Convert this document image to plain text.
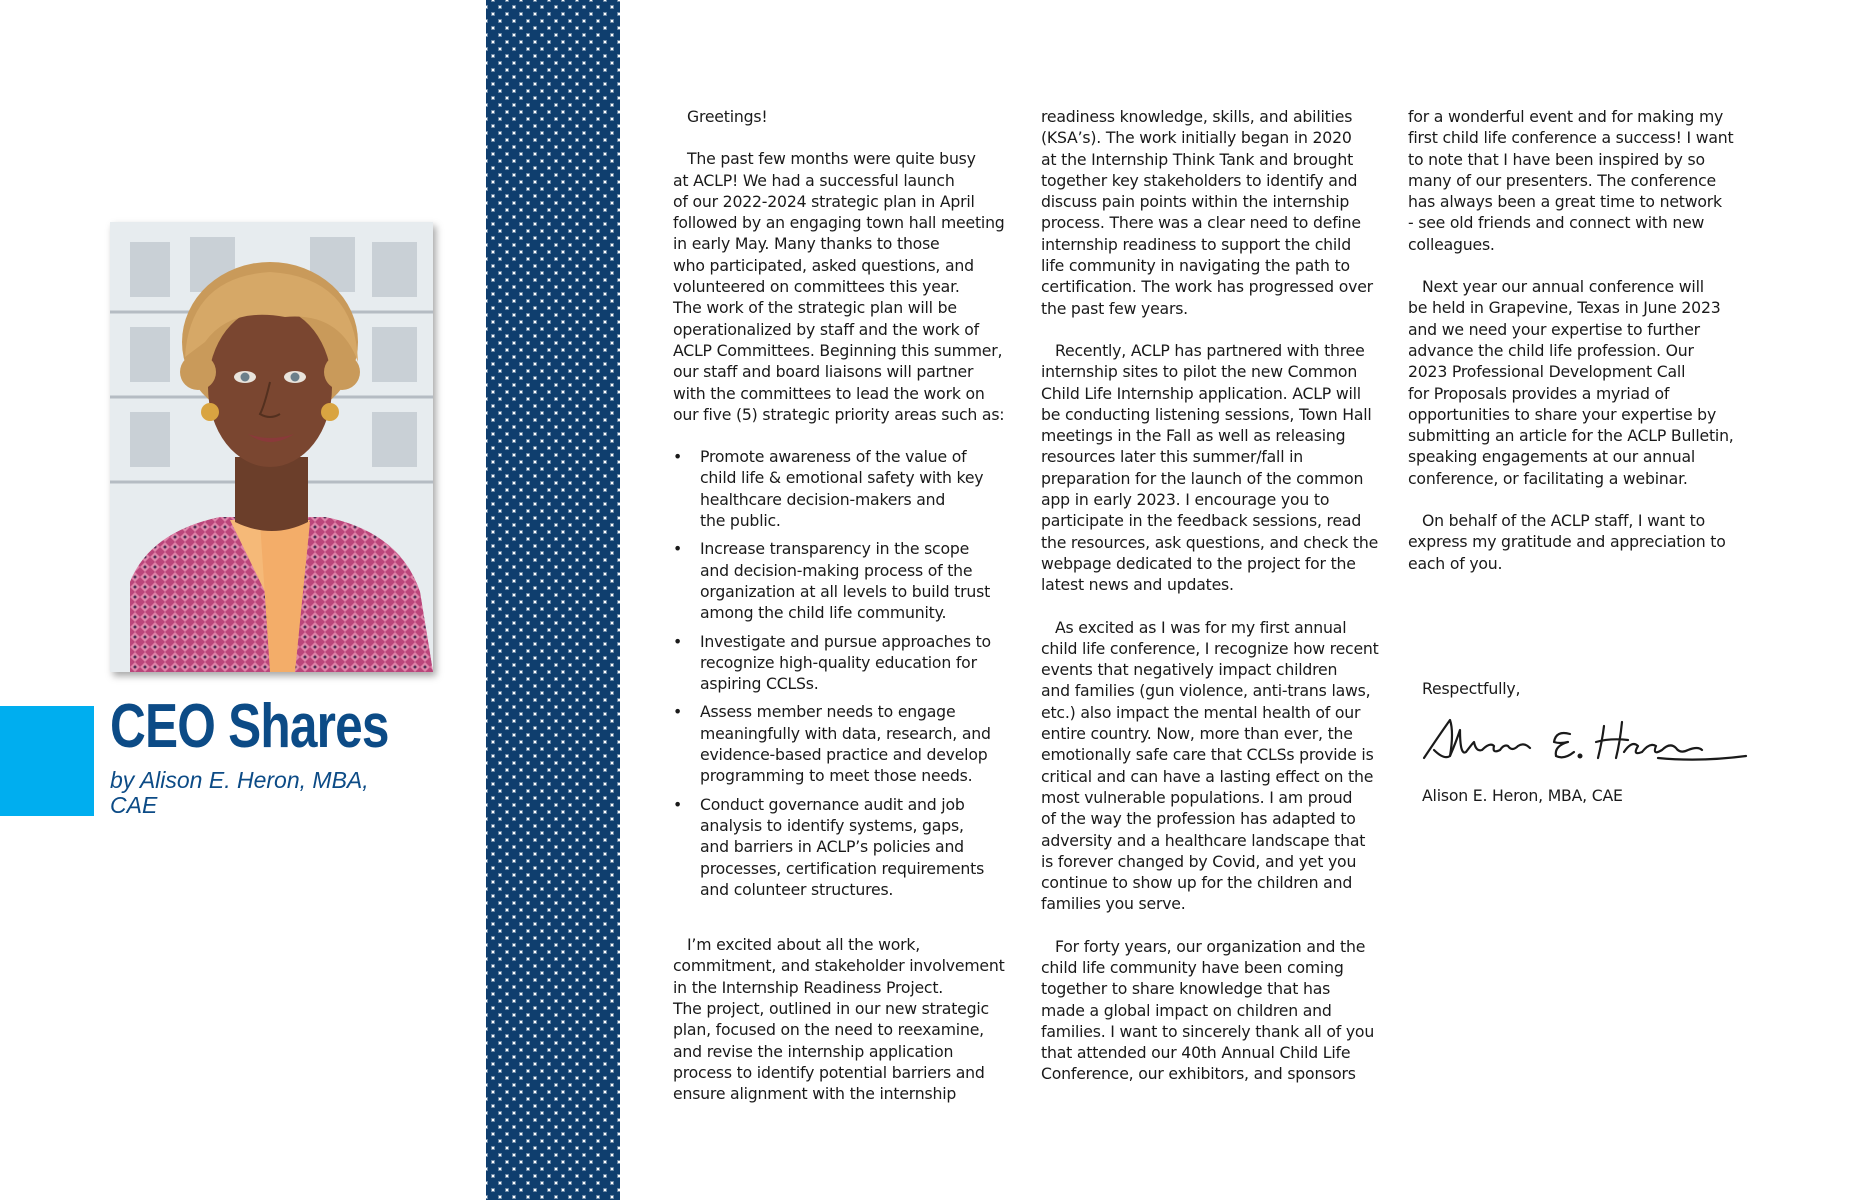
CEO Shares

by Alison E. Heron, MBA, CAE

Greetings!

The past few months were quite busy
at ACLP! We had a successful launch
of our 2022-2024 strategic plan in April
followed by an engaging town hall meeting
in early May. Many thanks to those
who participated, asked questions, and
volunteered on committees this year.
The work of the strategic plan will be
operationalized by staff and the work of
ACLP Committees. Beginning this summer,
our staff and board liaisons will partner
with the committees to lead the work on
our five (5) strategic priority areas such as:

• Promote awareness of the value of
child life & emotional safety with key
healthcare decision-makers and
the public.
• Increase transparency in the scope
and decision-making process of the
organization at all levels to build trust
among the child life community.
• Investigate and pursue approaches to
recognize high-quality education for
aspiring CCLSs.
• Assess member needs to engage
meaningfully with data, research, and
evidence-based practice and develop
programming to meet those needs.
• Conduct governance audit and job
analysis to identify systems, gaps,
and barriers in ACLP’s policies and
processes, certification requirements
and colunteer structures.

I’m excited about all the work,
commitment, and stakeholder involvement
in the Internship Readiness Project.
The project, outlined in our new strategic
plan, focused on the need to reexamine,
and revise the internship application
process to identify potential barriers and
ensure alignment with the internship

readiness knowledge, skills, and abilities
(KSA’s). The work initially began in 2020
at the Internship Think Tank and brought
together key stakeholders to identify and
discuss pain points within the internship
process. There was a clear need to define
internship readiness to support the child
life community in navigating the path to
certification. The work has progressed over
the past few years.

Recently, ACLP has partnered with three
internship sites to pilot the new Common
Child Life Internship application. ACLP will
be conducting listening sessions, Town Hall
meetings in the Fall as well as releasing
resources later this summer/fall in
preparation for the launch of the common
app in early 2023. I encourage you to
participate in the feedback sessions, read
the resources, ask questions, and check the
webpage dedicated to the project for the
latest news and updates.

As excited as I was for my first annual
child life conference, I recognize how recent
events that negatively impact children
and families (gun violence, anti-trans laws,
etc.) also impact the mental health of our
entire country. Now, more than ever, the
emotionally safe care that CCLSs provide is
critical and can have a lasting effect on the
most vulnerable populations. I am proud
of the way the profession has adapted to
adversity and a healthcare landscape that
is forever changed by Covid, and yet you
continue to show up for the children and
families you serve.

For forty years, our organization and the
child life community have been coming
together to share knowledge that has
made a global impact on children and
families. I want to sincerely thank all of you
that attended our 40th Annual Child Life
Conference, our exhibitors, and sponsors

for a wonderful event and for making my
first child life conference a success! I want
to note that I have been inspired by so
many of our presenters. The conference
has always been a great time to network
- see old friends and connect with new
colleagues.

Next year our annual conference will
be held in Grapevine, Texas in June 2023
and we need your expertise to further
advance the child life profession. Our
2023 Professional Development Call
for Proposals provides a myriad of
opportunities to share your expertise by
submitting an article for the ACLP Bulletin,
speaking engagements at our annual
conference, or facilitating a webinar.

On behalf of the ACLP staff, I want to
express my gratitude and appreciation to
each of you.

Respectfully,
Alison E. Heron, MBA, CAE
